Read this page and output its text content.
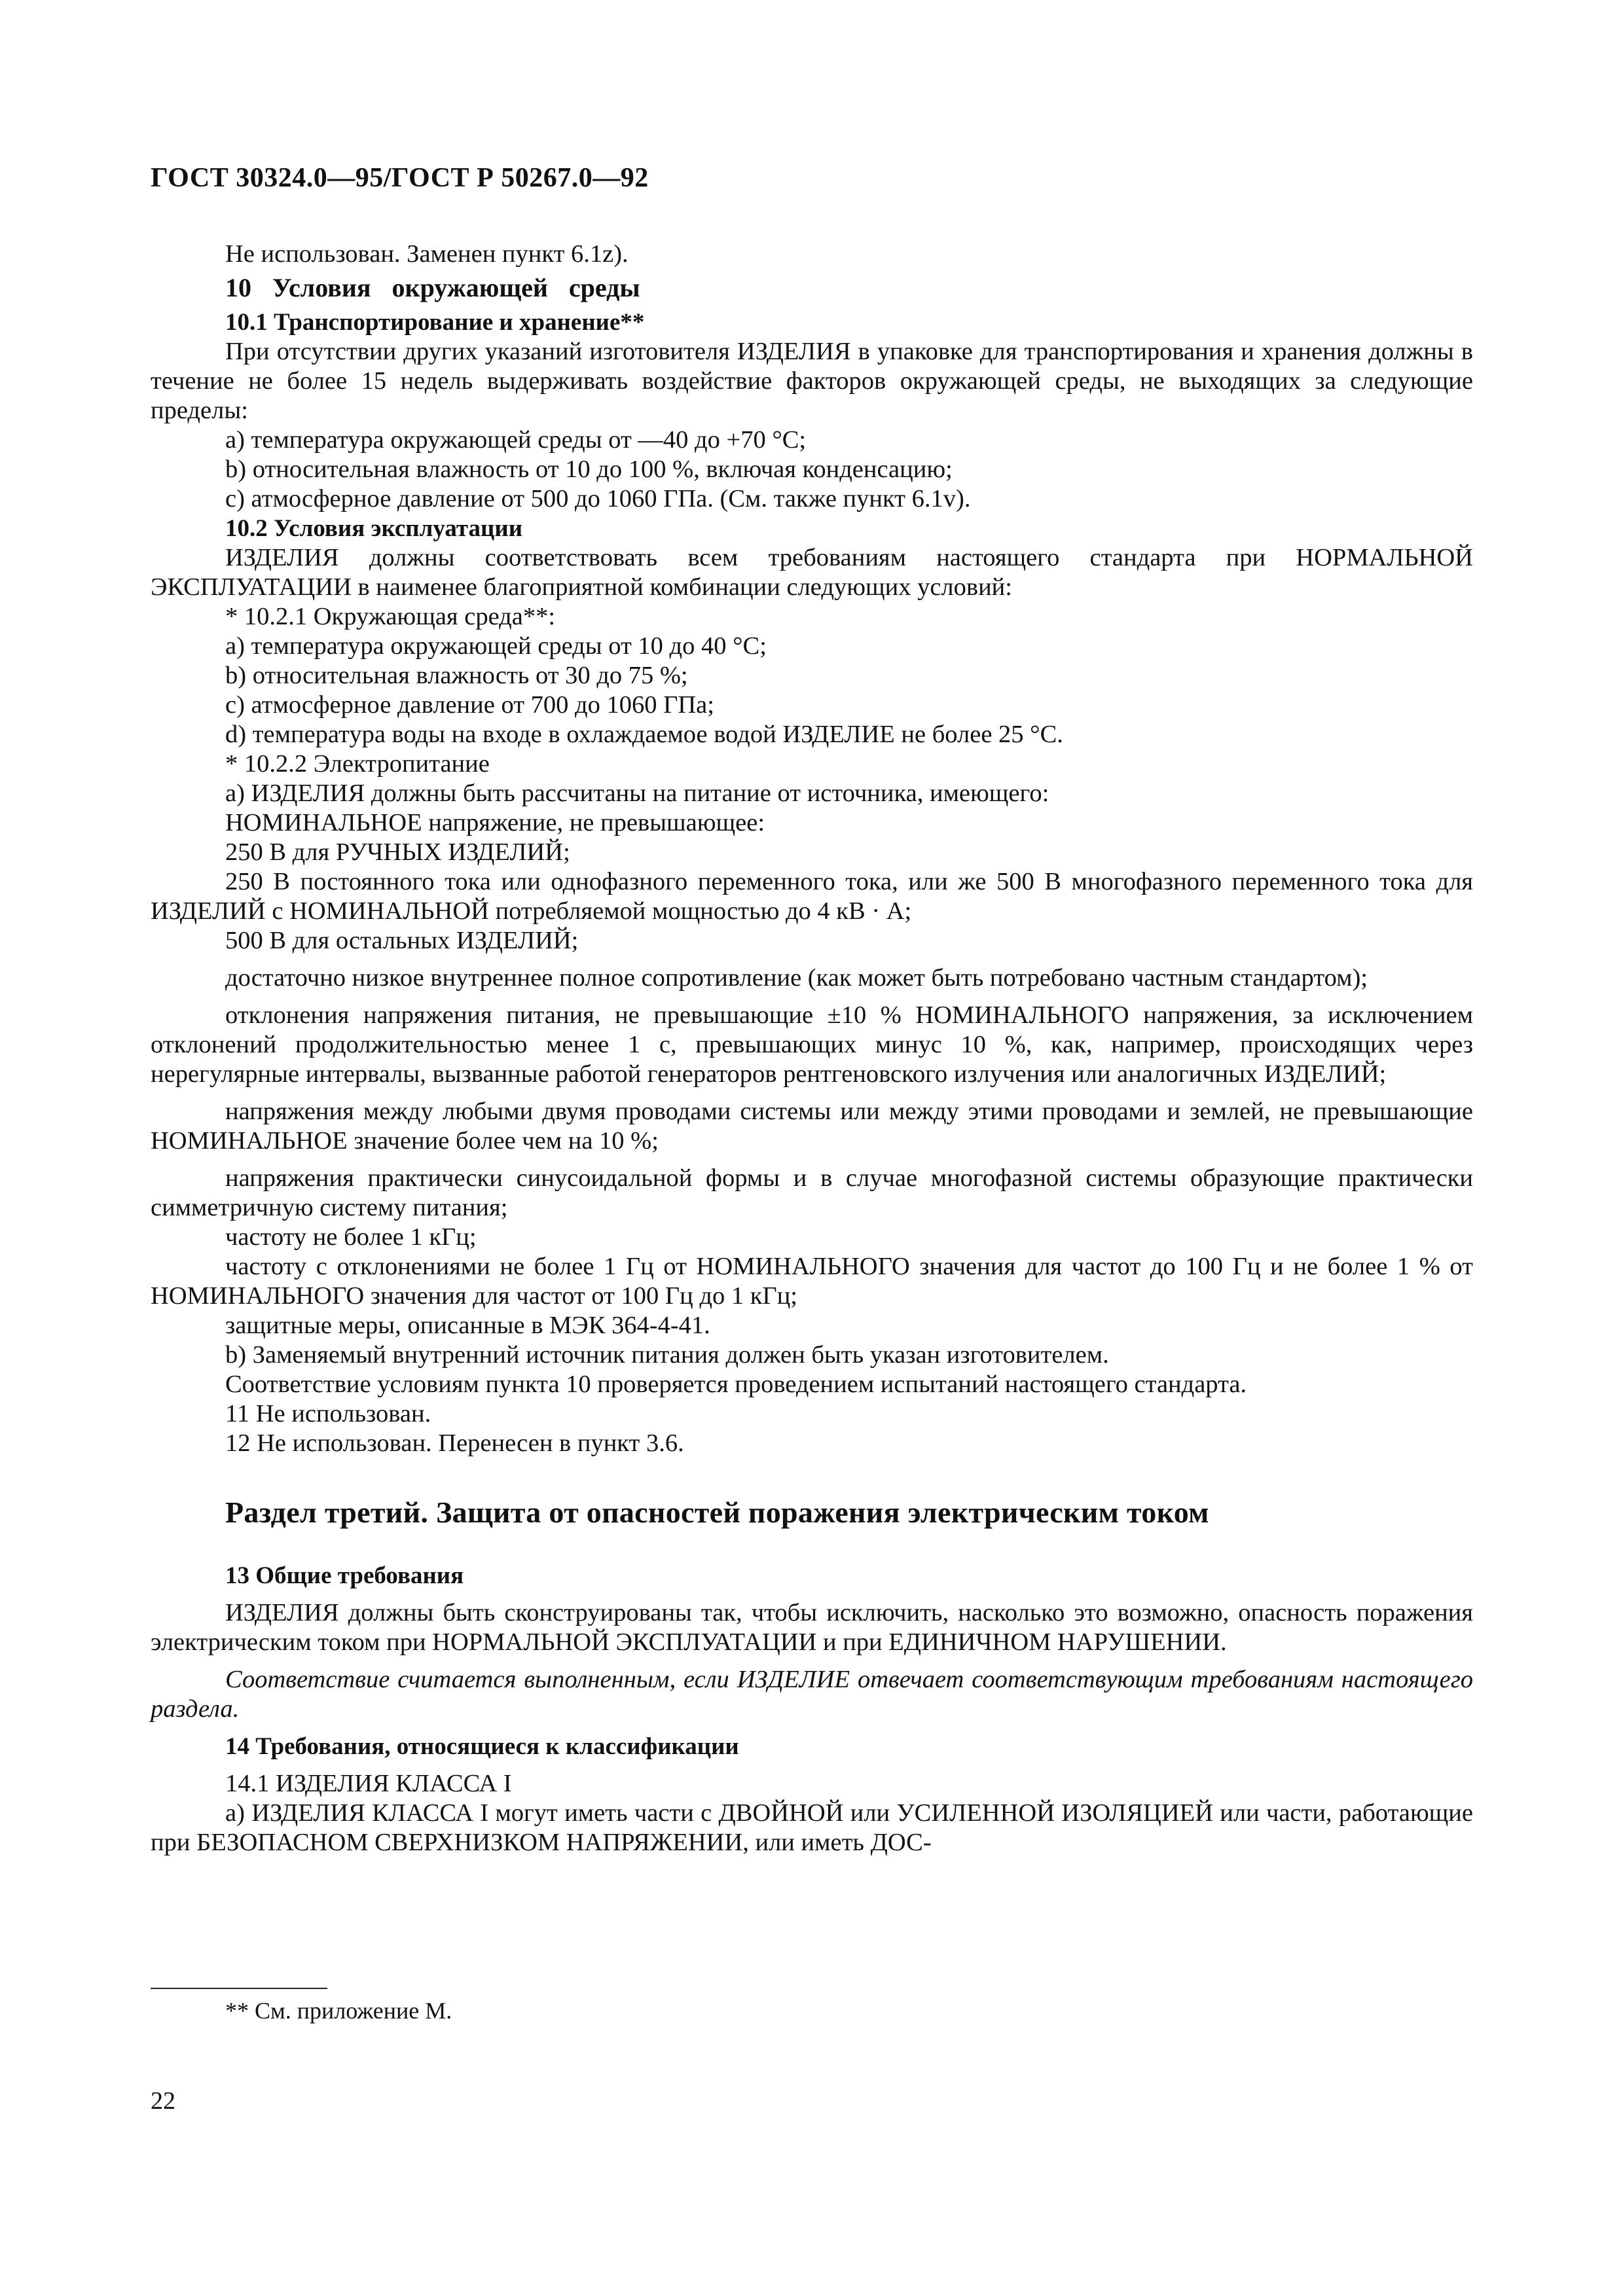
ГОСТ 30324.0—95/ГОСТ Р 50267.0—92

Не использован. Заменен пункт 6.1z).

10 Условия окружающей среды

10.1 Транспортирование и хранение**

При отсутствии других указаний изготовителя ИЗДЕЛИЯ в упаковке для транспортирования и хранения должны в течение не более 15 недель выдерживать воздействие факторов окружающей среды, не выходящих за следующие пределы:

а) температура окружающей среды от —40 до +70 °С;

b) относительная влажность от 10 до 100 %, включая конденсацию;

с) атмосферное давление от 500 до 1060 ГПа. (См. также пункт 6.1v).

10.2 Условия эксплуатации

ИЗДЕЛИЯ должны соответствовать всем требованиям настоящего стандарта при НОРМАЛЬНОЙ ЭКСПЛУАТАЦИИ в наименее благоприятной комбинации следующих условий:

* 10.2.1 Окружающая среда**:

а) температура окружающей среды от 10 до 40 °С;

b) относительная влажность от 30 до 75 %;

с) атмосферное давление от 700 до 1060 ГПа;

d) температура воды на входе в охлаждаемое водой ИЗДЕЛИЕ не более 25 °С.

* 10.2.2 Электропитание

а) ИЗДЕЛИЯ должны быть рассчитаны на питание от источника, имеющего:

НОМИНАЛЬНОЕ напряжение, не превышающее:

250 В для РУЧНЫХ ИЗДЕЛИЙ;

250 В постоянного тока или однофазного переменного тока, или же 500 В многофазного переменного тока для ИЗДЕЛИЙ с НОМИНАЛЬНОЙ потребляемой мощностью до 4 кВ · А;

500 В для остальных ИЗДЕЛИЙ;

достаточно низкое внутреннее полное сопротивление (как может быть потребовано частным стандартом);

отклонения напряжения питания, не превышающие ±10 % НОМИНАЛЬНОГО напряжения, за исключением отклонений продолжительностью менее 1 с, превышающих минус 10 %, как, например, происходящих через нерегулярные интервалы, вызванные работой генераторов рентгеновского излучения или аналогичных ИЗДЕЛИЙ;

напряжения между любыми двумя проводами системы или между этими проводами и землей, не превышающие НОМИНАЛЬНОЕ значение более чем на 10 %;

напряжения практически синусоидальной формы и в случае многофазной системы образующие практически симметричную систему питания;

частоту не более 1 кГц;

частоту с отклонениями не более 1 Гц от НОМИНАЛЬНОГО значения для частот до 100 Гц и не более 1 % от НОМИНАЛЬНОГО значения для частот от 100 Гц до 1 кГц;

защитные меры, описанные в МЭК 364-4-41.

b) Заменяемый внутренний источник питания должен быть указан изготовителем.

Соответствие условиям пункта 10 проверяется проведением испытаний настоящего стандарта.

11 Не использован.

12 Не использован. Перенесен в пункт 3.6.

Раздел третий. Защита от опасностей поражения электрическим током

13 Общие требования

ИЗДЕЛИЯ должны быть сконструированы так, чтобы исключить, насколько это возможно, опасность поражения электрическим током при НОРМАЛЬНОЙ ЭКСПЛУАТАЦИИ и при ЕДИНИЧНОМ НАРУШЕНИИ.

Соответствие считается выполненным, если ИЗДЕЛИЕ отвечает соответствующим требованиям настоящего раздела.

14 Требования, относящиеся к классификации

14.1 ИЗДЕЛИЯ КЛАССА I

а) ИЗДЕЛИЯ КЛАССА I могут иметь части с ДВОЙНОЙ или УСИЛЕННОЙ ИЗОЛЯЦИЕЙ или части, работающие при БЕЗОПАСНОМ СВЕРХНИЗКОМ НАПРЯЖЕНИИ, или иметь ДОС-

** См. приложение М.
22
